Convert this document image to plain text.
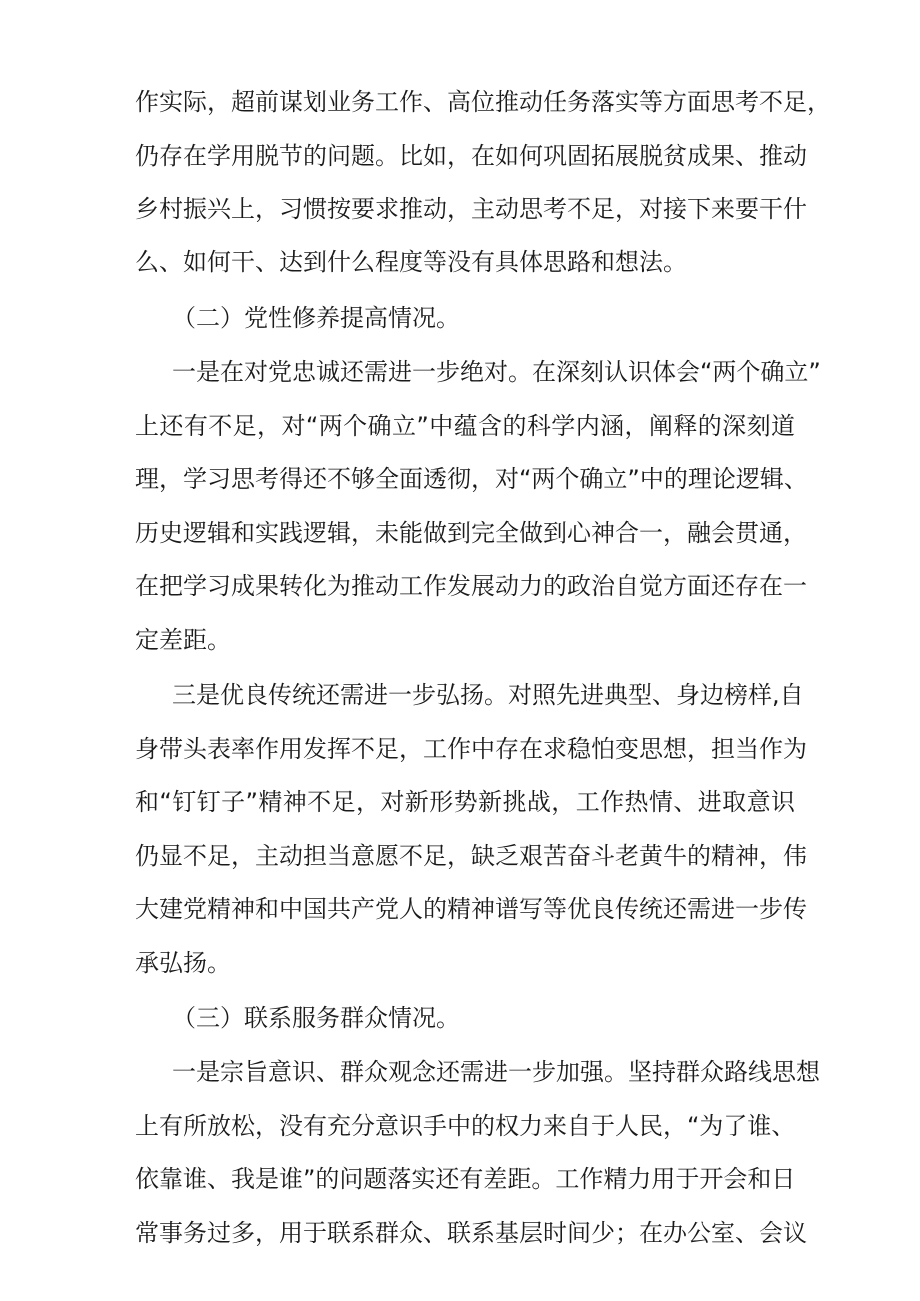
作实际，超前谋划业务工作、高位推动任务落实等方面思考不足，
仍存在学用脱节的问题。比如，在如何巩固拓展脱贫成果、推动
乡村振兴上，习惯按要求推动，主动思考不足，对接下来要干什
么、如何干、达到什么程度等没有具体思路和想法。
（二）党性修养提高情况。
一是在对党忠诚还需进一步绝对。在深刻认识体会“两个确立”
上还有不足，对“两个确立”中蕴含的科学内涵，阐释的深刻道
理，学习思考得还不够全面透彻，对“两个确立”中的理论逻辑、
历史逻辑和实践逻辑，未能做到完全做到心神合一，融会贯通，
在把学习成果转化为推动工作发展动力的政治自觉方面还存在一
定差距。
三是优良传统还需进一步弘扬。对照先进典型、身边榜样,自
身带头表率作用发挥不足，工作中存在求稳怕变思想，担当作为
和“钉钉子”精神不足，对新形势新挑战，工作热情、进取意识
仍显不足，主动担当意愿不足，缺乏艰苦奋斗老黄牛的精神，伟
大建党精神和中国共产党人的精神谱写等优良传统还需进一步传
承弘扬。
（三）联系服务群众情况。
一是宗旨意识、群众观念还需进一步加强。坚持群众路线思想
上有所放松，没有充分意识手中的权力来自于人民，“为了谁、
依靠谁、我是谁”的问题落实还有差距。工作精力用于开会和日
常事务过多，用于联系群众、联系基层时间少；在办公室、会议
